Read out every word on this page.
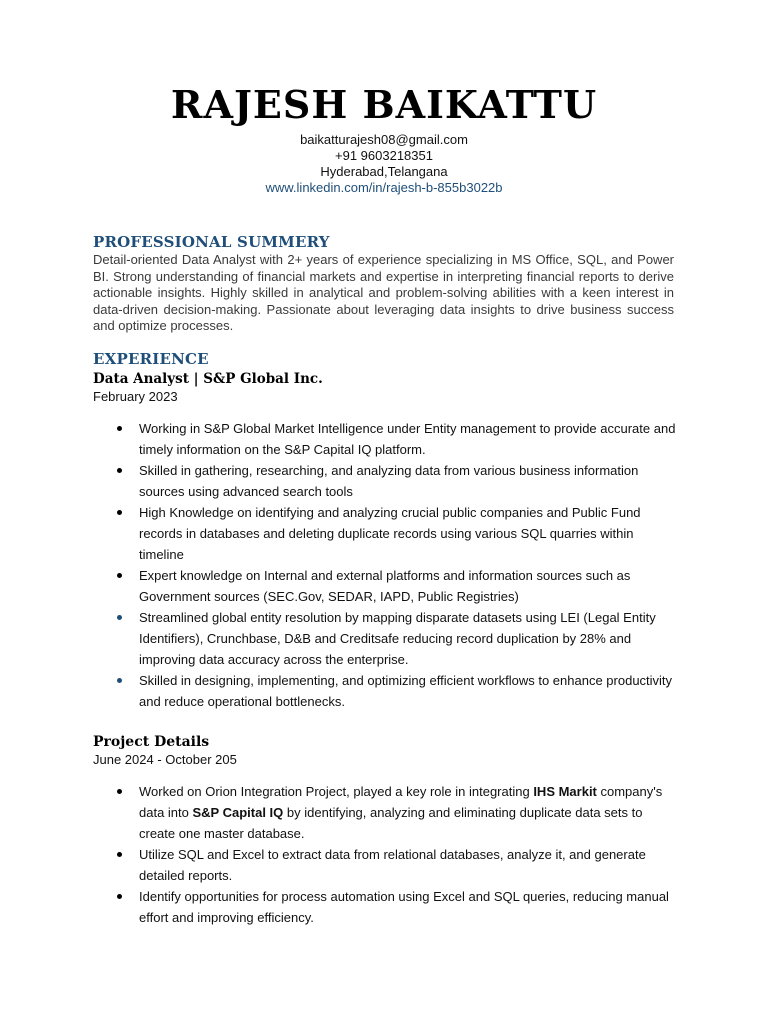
RAJESH BAIKATTU
baikatturajesh08@gmail.com
+91 9603218351
Hyderabad,Telangana
www.linkedin.com/in/rajesh-b-855b3022b
PROFESSIONAL SUMMERY
Detail-oriented Data Analyst with 2+ years of experience specializing in MS Office, SQL, and Power BI. Strong understanding of financial markets and expertise in interpreting financial reports to derive actionable insights. Highly skilled in analytical and problem-solving abilities with a keen interest in data-driven decision-making. Passionate about leveraging data insights to drive business success and optimize processes.
EXPERIENCE
Data Analyst | S&P Global Inc.
February 2023
Working in S&P Global Market Intelligence under Entity management to provide accurate and timely information on the S&P Capital IQ platform.
Skilled in gathering, researching, and analyzing data from various business information sources using advanced search tools
High Knowledge on identifying and analyzing crucial public companies and Public Fund records in databases and deleting duplicate records using various SQL quarries within timeline
Expert knowledge on Internal and external platforms and information sources such as Government sources (SEC.Gov, SEDAR, IAPD, Public Registries)
Streamlined global entity resolution by mapping disparate datasets using LEI (Legal Entity Identifiers), Crunchbase, D&B and Creditsafe reducing record duplication by 28% and improving data accuracy across the enterprise.
Skilled in designing, implementing, and optimizing efficient workflows to enhance productivity and reduce operational bottlenecks.
Project Details
June 2024 - October 205
Worked on Orion Integration Project, played a key role in integrating IHS Markit company's data into S&P Capital IQ by identifying, analyzing and eliminating duplicate data sets to create one master database.
Utilize SQL and Excel to extract data from relational databases, analyze it, and generate detailed reports.
Identify opportunities for process automation using Excel and SQL queries, reducing manual effort and improving efficiency.
